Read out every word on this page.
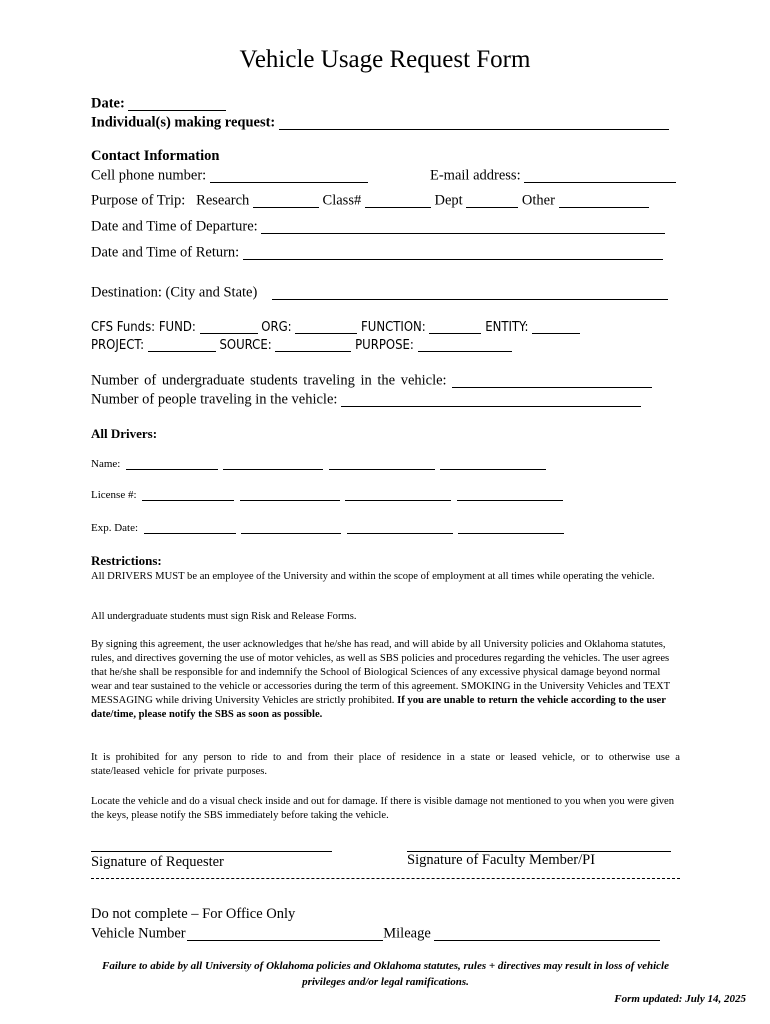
Vehicle Usage Request Form
Date:
Individual(s) making request:
Contact Information
Cell phone number:	E-mail address:
Purpose of Trip: Research	Class#	Dept	Other
Date and Time of Departure:
Date and Time of Return:
Destination: (City and State)
CFS Funds: FUND:	ORG:	FUNCTION:	ENTITY:
PROJECT:	SOURCE:	PURPOSE:
Number of undergraduate students traveling in the vehicle:
Number of people traveling in the vehicle:
All Drivers:
Name:
License #:
Exp. Date:
Restrictions:
All DRIVERS MUST be an employee of the University and within the scope of employment at all times while operating the vehicle.
All undergraduate students must sign Risk and Release Forms.
By signing this agreement, the user acknowledges that he/she has read, and will abide by all University policies and Oklahoma statutes, rules, and directives governing the use of motor vehicles, as well as SBS policies and procedures regarding the vehicles. The user agrees that he/she shall be responsible for and indemnify the School of Biological Sciences of any excessive physical damage beyond normal wear and tear sustained to the vehicle or accessories during the term of this agreement. SMOKING in the University Vehicles and TEXT MESSAGING while driving University Vehicles are strictly prohibited. If you are unable to return the vehicle according to the user date/time, please notify the SBS as soon as possible.
It is prohibited for any person to ride to and from their place of residence in a state or leased vehicle, or to otherwise use a state/leased vehicle for private purposes.
Locate the vehicle and do a visual check inside and out for damage. If there is visible damage not mentioned to you when you were given the keys, please notify the SBS immediately before taking the vehicle.
Signature of Requester	Signature of Faculty Member/PI
Do not complete – For Office Only
Vehicle Number	Mileage
Failure to abide by all University of Oklahoma policies and Oklahoma statutes, rules + directives may result in loss of vehicle privileges and/or legal ramifications.
Form updated: July 14, 2025
